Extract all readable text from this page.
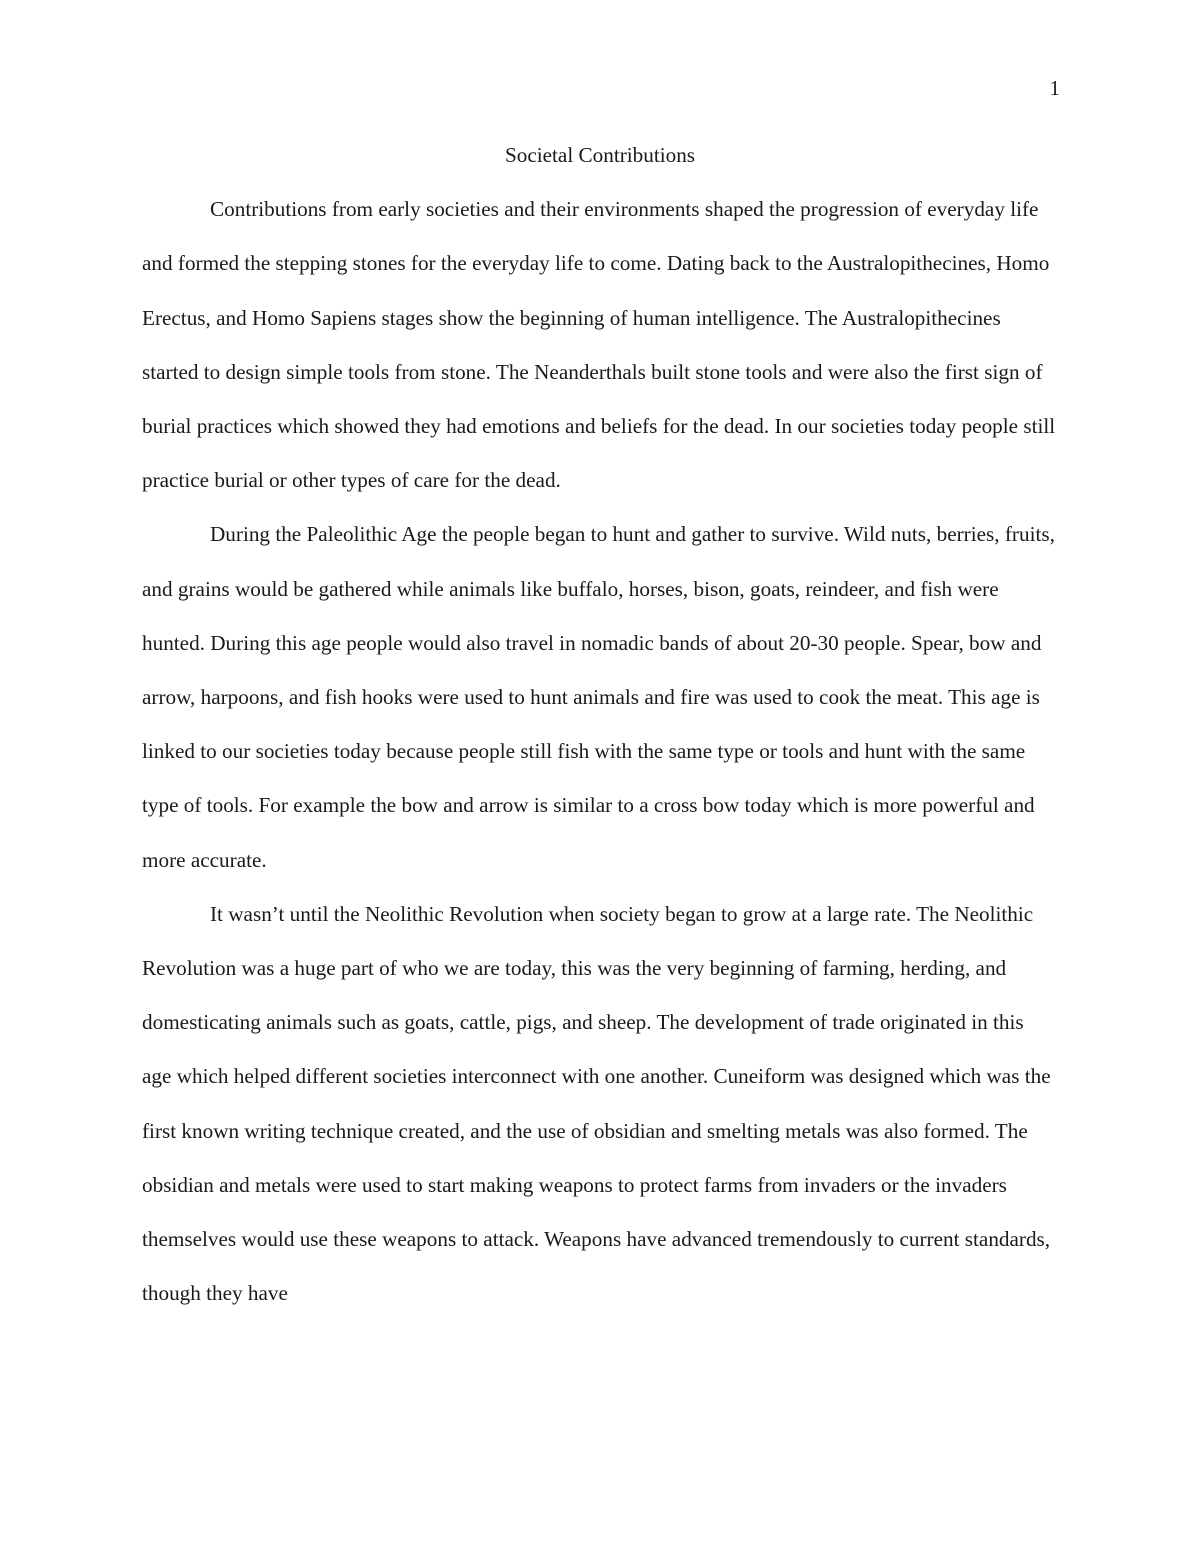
1
Societal Contributions

Contributions from early societies and their environments shaped the progression of everyday life and formed the stepping stones for the everyday life to come. Dating back to the Australopithecines, Homo Erectus, and Homo Sapiens stages show the beginning of human intelligence. The Australopithecines started to design simple tools from stone. The Neanderthals built stone tools and were also the first sign of burial practices which showed they had emotions and beliefs for the dead. In our societies today people still practice burial or other types of care for the dead.

During the Paleolithic Age the people began to hunt and gather to survive. Wild nuts, berries, fruits, and grains would be gathered while animals like buffalo, horses, bison, goats, reindeer, and fish were hunted. During this age people would also travel in nomadic bands of about 20-30 people. Spear, bow and arrow, harpoons, and fish hooks were used to hunt animals and fire was used to cook the meat. This age is linked to our societies today because people still fish with the same type or tools and hunt with the same type of tools. For example the bow and arrow is similar to a cross bow today which is more powerful and more accurate.

It wasn’t until the Neolithic Revolution when society began to grow at a large rate. The Neolithic Revolution was a huge part of who we are today, this was the very beginning of farming, herding, and domesticating animals such as goats, cattle, pigs, and sheep. The development of trade originated in this age which helped different societies interconnect with one another. Cuneiform was designed which was the first known writing technique created, and the use of obsidian and smelting metals was also formed. The obsidian and metals were used to start making weapons to protect farms from invaders or the invaders themselves would use these weapons to attack. Weapons have advanced tremendously to current standards, though they have
